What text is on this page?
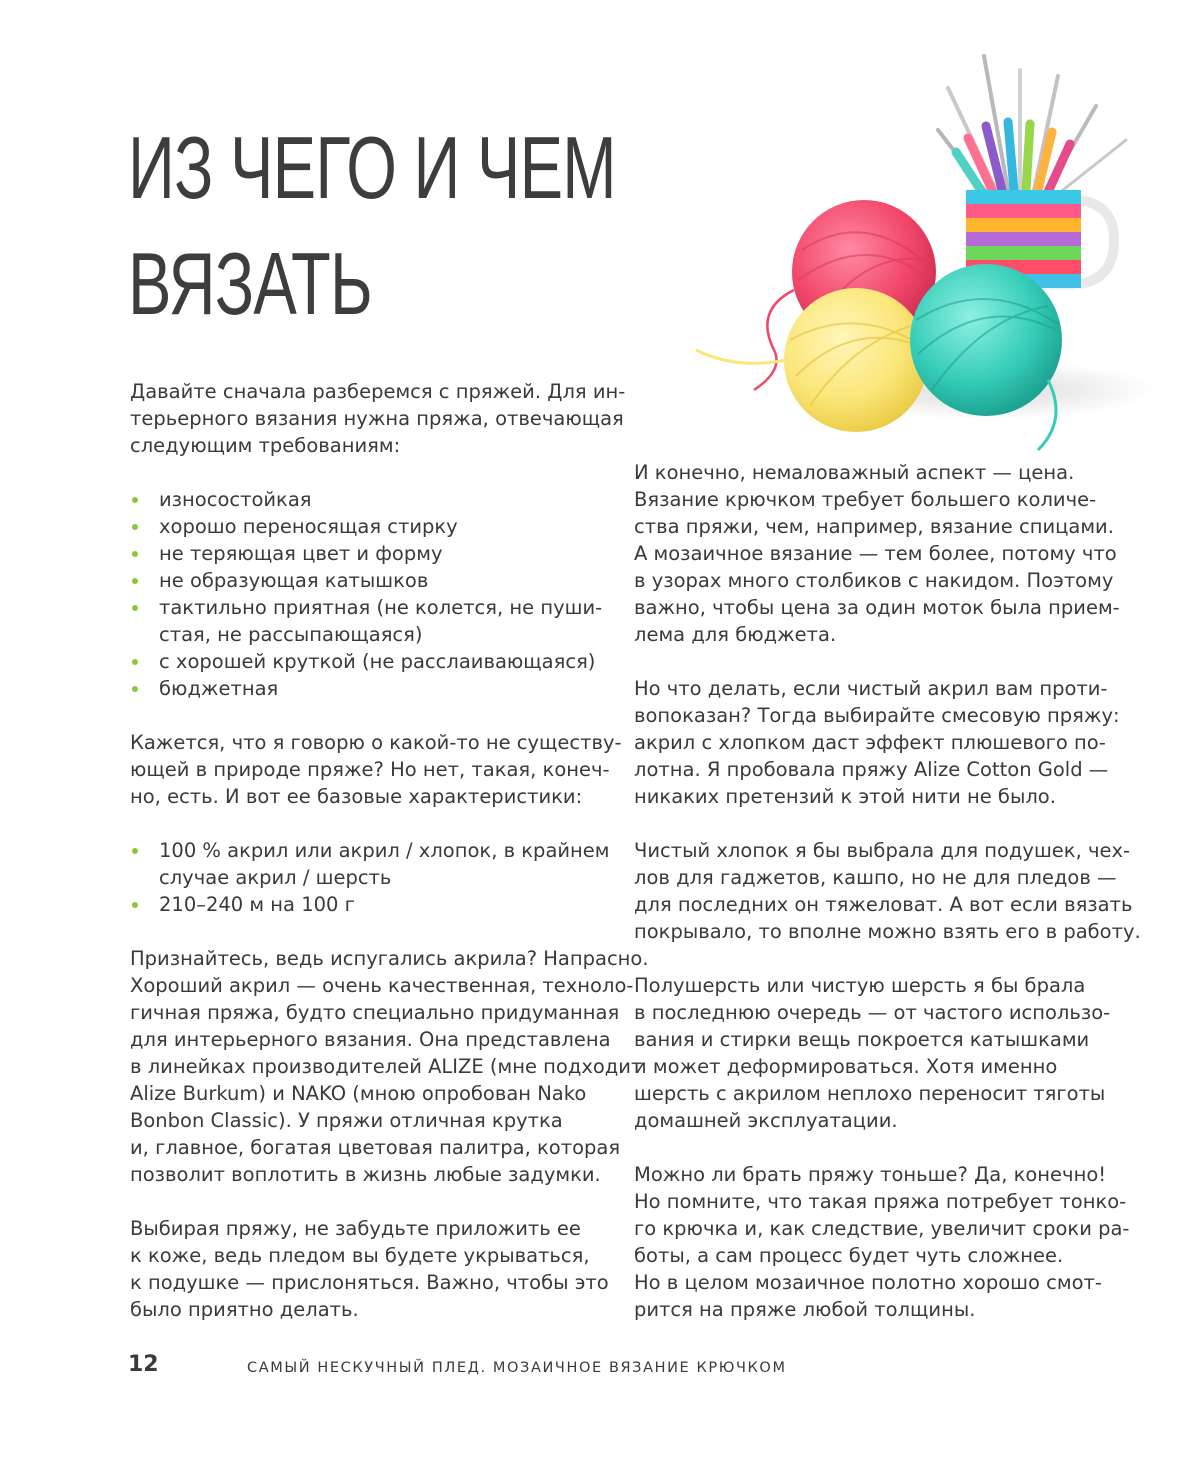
ИЗ ЧЕГО И ЧЕМ
ВЯЗАТЬ

Давайте сначала разберемся с пряжей. Для ин-
терьерного вязания нужна пряжа, отвечающая
следующим требованиям:

износостойкая
хорошо переносящая стирку
не теряющая цвет и форму
не образующая катышков
тактильно приятная (не колется, не пуши-
стая, не рассыпающаяся)
с хорошей круткой (не расслаивающаяся)
бюджетная

Кажется, что я говорю о какой-то не существу-
ющей в природе пряже? Но нет, такая, конеч-
но, есть. И вот ее базовые характеристики:

100 % акрил или акрил / хлопок, в крайнем
случае акрил / шерсть
210–240 м на 100 г

Признайтесь, ведь испугались акрила? Напрасно.
Хороший акрил — очень качественная, техноло-
гичная пряжа, будто специально придуманная
для интерьерного вязания. Она представлена
в линейках производителей ALIZE (мне подходит
Alize Burkum) и NAKO (мною опробован Nako
Bonbon Classic). У пряжи отличная крутка
и, главное, богатая цветовая палитра, которая
позволит воплотить в жизнь любые задумки.

Выбирая пряжу, не забудьте приложить ее
к коже, ведь пледом вы будете укрываться,
к подушке — прислоняться. Важно, чтобы это
было приятно делать.

И конечно, немаловажный аспект — цена.
Вязание крючком требует большего количе-
ства пряжи, чем, например, вязание спицами.
А мозаичное вязание — тем более, потому что
в узорах много столбиков с накидом. Поэтому
важно, чтобы цена за один моток была прием-
лема для бюджета.

Но что делать, если чистый акрил вам проти-
вопоказан? Тогда выбирайте смесовую пряжу:
акрил с хлопком даст эффект плюшевого по-
лотна. Я пробовала пряжу Alize Cotton Gold —
никаких претензий к этой нити не было.

Чистый хлопок я бы выбрала для подушек, чех-
лов для гаджетов, кашпо, но не для пледов —
для последних он тяжеловат. А вот если вязать
покрывало, то вполне можно взять его в работу.

Полушерсть или чистую шерсть я бы брала
в последнюю очередь — от частого использо-
вания и стирки вещь покроется катышками
и может деформироваться. Хотя именно
шерсть с акрилом неплохо переносит тяготы
домашней эксплуатации.

Можно ли брать пряжу тоньше? Да, конечно!
Но помните, что такая пряжа потребует тонко-
го крючка и, как следствие, увеличит сроки ра-
боты, а сам процесс будет чуть сложнее.
Но в целом мозаичное полотно хорошо смот-
рится на пряже любой толщины.

12	САМЫЙ НЕСКУЧНЫЙ ПЛЕД. МОЗАИЧНОЕ ВЯЗАНИЕ КРЮЧКОМ
